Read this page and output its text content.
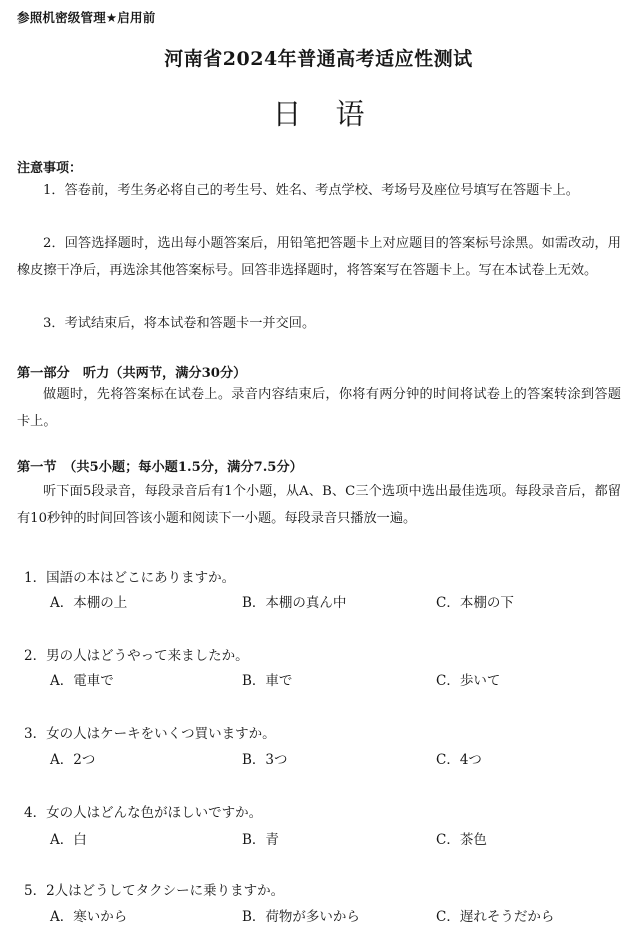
参照机密级管理★启用前
河南省2024年普通高考适应性测试
日语
注意事项：

1．答卷前，考生务必将自己的考生号、姓名、考点学校、考场号及座位号填写在答题卡上。

2．回答选择题时，选出每小题答案后，用铅笔把答题卡上对应题目的答案标号涂黑。如需改动，用橡皮擦干净后，再选涂其他答案标号。回答非选择题时，将答案写在答题卡上。写在本试卷上无效。

3．考试结束后，将本试卷和答题卡一并交回。

第一部分　听力（共两节，满分30分）

做题时，先将答案标在试卷上。录音内容结束后，你将有两分钟的时间将试卷上的答案转涂到答题卡上。

第一节　（共5小题；每小题1.5分，满分7.5分）

听下面5段录音，每段录音后有1个小题，从A、B、C三个选项中选出最佳选项。每段录音后，都留有10秒钟的时间回答该小题和阅读下一小题。每段录音只播放一遍。

1．国語の本はどこにありますか。
A．本棚の上	B．本棚の真ん中	C．本棚の下
2．男の人はどうやって来ましたか。
A．電車で	B．車で	C．歩いて
3．女の人はケーキをいくつ買いますか。
A．2つ	B．3つ	C．4つ
4．女の人はどんな色がほしいですか。
A．白	B．青	C．茶色
5．2人はどうしてタクシーに乗りますか。
A．寒いから	B．荷物が多いから	C．遅れそうだから
